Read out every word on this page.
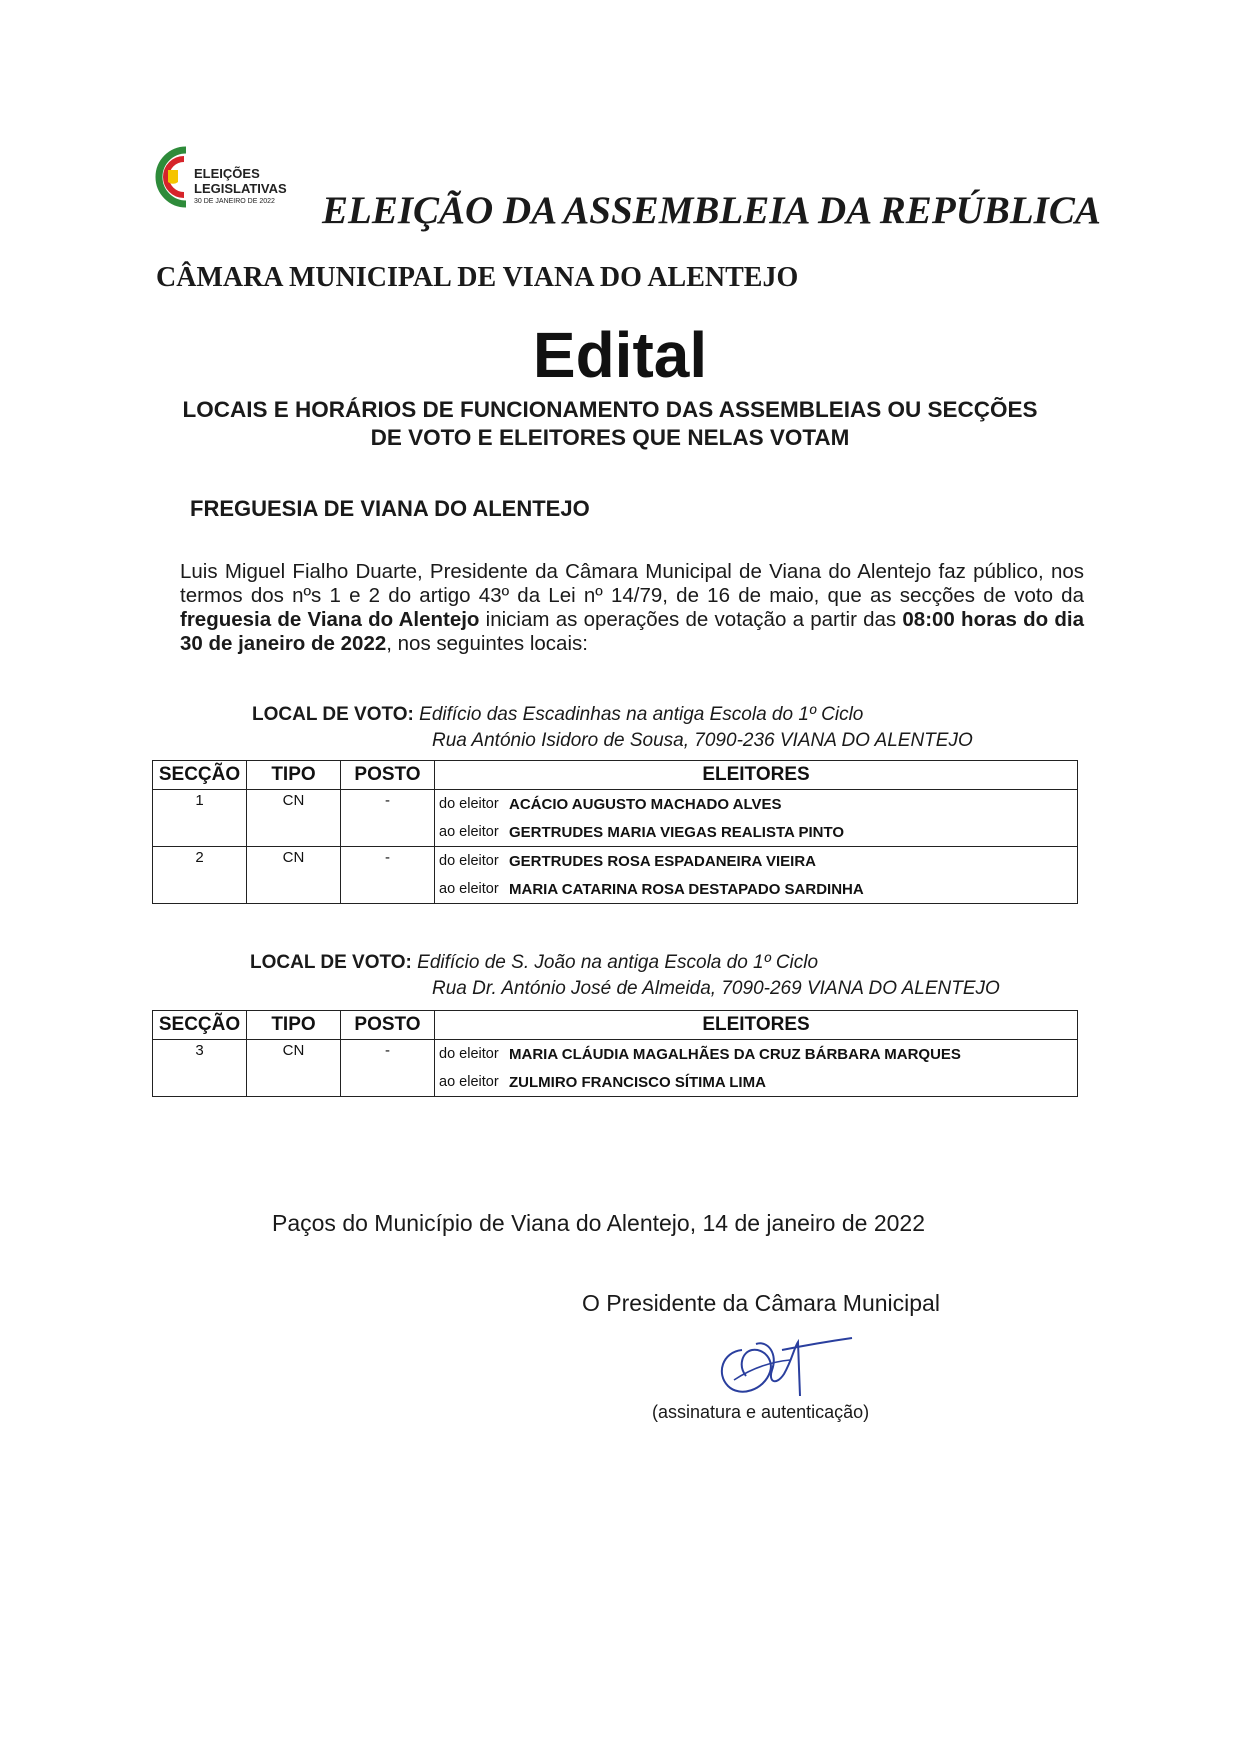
ELEIÇÕES
LEGISLATIVAS
30 DE JANEIRO DE 2022 ELEIÇÃO DA ASSEMBLEIA DA REPÚBLICA
CÂMARA MUNICIPAL DE VIANA DO ALENTEJO
Edital
LOCAIS E HORÁRIOS DE FUNCIONAMENTO DAS ASSEMBLEIAS OU SECÇÕES
DE VOTO E ELEITORES QUE NELAS VOTAM
FREGUESIA DE VIANA DO ALENTEJO
Luis Miguel Fialho Duarte, Presidente da Câmara Municipal de Viana do Alentejo faz público, nos termos dos nºs 1 e 2 do artigo 43º da Lei nº 14/79, de 16 de maio, que as secções de voto da freguesia de Viana do Alentejo iniciam as operações de votação a partir das 08:00 horas do dia 30 de janeiro de 2022, nos seguintes locais:
LOCAL DE VOTO: Edifício das Escadinhas na antiga Escola do 1º Ciclo
Rua António Isidoro de Sousa, 7090-236 VIANA DO ALENTEJO
SECÇÃO	TIPO	POSTO	ELEITORES
1	CN	-	do eleitor ACÁCIO AUGUSTO MACHADO ALVES
ao eleitor GERTRUDES MARIA VIEGAS REALISTA PINTO

2	CN	-	do eleitor GERTRUDES ROSA ESPADANEIRA VIEIRA
ao eleitor MARIA CATARINA ROSA DESTAPADO SARDINHA
LOCAL DE VOTO: Edifício de S. João na antiga Escola do 1º Ciclo
Rua Dr. António José de Almeida, 7090-269 VIANA DO ALENTEJO
SECÇÃO	TIPO	POSTO	ELEITORES
3	CN	-	do eleitor MARIA CLÁUDIA MAGALHÃES DA CRUZ BÁRBARA MARQUES
ao eleitor ZULMIRO FRANCISCO SÍTIMA LIMA
Paços do Município de Viana do Alentejo, 14 de janeiro de 2022
O Presidente da Câmara Municipal
(assinatura e autenticação)
